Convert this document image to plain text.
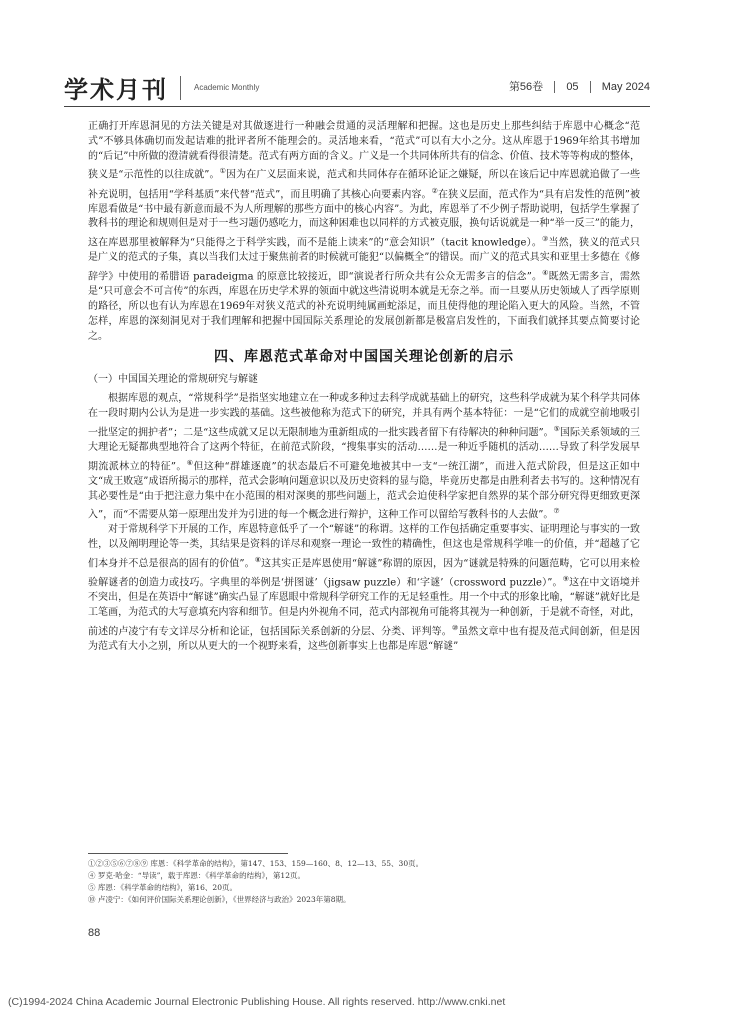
学术月刊	Academic Monthly	第56卷 05 May 2024

正确打开库恩洞见的方法关键是对其做逐进行一种融会贯通的灵活理解和把握。这也是历史上那些纠结于库恩中心概念“范式”不够具体确切而发起诘难的批评者所不能理会的。灵活地来看，“范式”可以有大小之分。这从库恩于1969年给其书增加的“后记”中所做的澄清就看得很清楚。范式有两方面的含义。广义是一个共同体所共有的信念、价值、技术等等构成的整体，狭义是“示范性的以往成就”。①因为在广义层面来说，范式和共同体存在循环论证之嫌疑，所以在该后记中库恩就追做了一些补充说明，包括用“学科基质”来代替“范式”，而且明确了其核心向要素内容。②在狭义层面，范式作为“具有启发性的范例”被库恩看做是“书中最有新意而最不为人所理解的那些方面中的核心内容”。为此，库恩举了不少例子帮助说明，包括学生掌握了教科书的理论和规则但是对于一些习题仍感吃力，而这种困难也以同样的方式被克服，换句话说就是一种“举一反三”的能力，这在库恩那里被解释为“只能得之于科学实践，而不是能上读来”的“意会知识”（tacit knowledge）。③当然，狭义的范式只是广义的范式的子集，真以当我们太过于聚焦前者的时候就可能犯“以偏概全”的错误。而广义的范式具实和亚里士多德在《修辞学》中使用的希腊语 paradeigma 的原意比较接近，即“演说者行所众共有公众无需多言的信念”。④既然无需多言，需然是“只可意会不可言传”的东西，库恩在历史学术界的领面中就这些清说明本就是无奈之举。而一旦要从历史领域人了西学原则的路径，所以也有认为库恩在1969年对狭义范式的补充说明纯属画蛇添足，而且使得他的理论陷入更大的风险。当然，不管怎样，库恩的深刻洞见对于我们理解和把握中国国际关系理论的发展创新都是极富启发性的，下面我们就择其要点简要讨论之。

四、库恩范式革命对中国国关理论创新的启示
（一）中国国关理论的常规研究与解谜

根据库恩的观点，“常规科学”是指坚实地建立在一种或多种过去科学成就基础上的研究，这些科学成就为某个科学共同体在一段时期内公认为是进一步实践的基础。这些被他称为范式下的研究，并具有两个基本特征：一是“它们的成就空前地吸引一批坚定的拥护者”；二是“这些成就又足以无限制地为重新组成的一批实践者留下有待解决的种种问题”。⑤国际关系领域的三大理论无疑都典型地符合了这两个特征，在前范式阶段，“搜集事实的活动……是一种近乎随机的活动……导致了科学发展早期流派林立的特征”。⑥但这种“群雄逐鹿”的状态最后不可避免地被其中一支“一统江湖”，而进入范式阶段，但是这正如中文“成王败寇”成语所揭示的那样，范式会影响问题意识以及历史资料的显与隐，毕竟历史都是由胜利者去书写的。这种情况有其必要性是“由于把注意力集中在小范围的相对深奥的那些问题上，范式会迫使科学家把自然界的某个部分研究得更细致更深入”，而“不需要从第一原理出发并为引进的每一个概念进行辩护，这种工作可以留给写教科书的人去做”。⑦

对于常规科学下开展的工作，库恩特意低乎了一个“解谜”的称谓。这样的工作包括确定重要事实、证明理论与事实的一致性，以及阐明理论等一类，其结果是资料的详尽和观察一理论一致性的精确性，但这也是常规科学唯一的价值，并“超越了它们本身并不总是很高的固有的价值”。⑧这其实正是库恩使用“解谜”称谓的原因，因为“谜就是特殊的问题范畴，它可以用来检验解谜者的创造力或技巧。字典里的举例是‘拼图谜’（jigsaw puzzle）和‘字谜’（crossword puzzle）”。⑨这在中文语境并不突出，但是在英语中“解谜”确实凸显了库恩眼中常规科学研究工作的无足轻重性。用一个中式的形象比喻，“解谜”就好比是工笔画，为范式的大写意填充内容和细节。但是内外视角不同，范式内部视角可能将其视为一种创新，于是就不奇怪，对此，前述的卢凌宁有专文详尽分析和论证，包括国际关系创新的分层、分类、评判等。⑩虽然文章中也有提及范式间创新，但是因为范式有大小之别，所以从更大的一个视野来看，这些创新事实上也都是库恩“解谜”

①②③⑤⑥⑦⑧⑨ 库恩：《科学革命的结构》，第147、153、159—160、8、12—13、55、30页。
④ 罗克·哈金：“导读”，载于库恩：《科学革命的结构》，第12页。
⑤ 库恩：《科学革命的结构》，第16、20页。
⑩ 卢凌宁：《如何评价国际关系理论创新》，《世界经济与政治》2023年第8期。
88
(C)1994-2024 China Academic Journal Electronic Publishing House. All rights reserved. http://www.cnki.net
